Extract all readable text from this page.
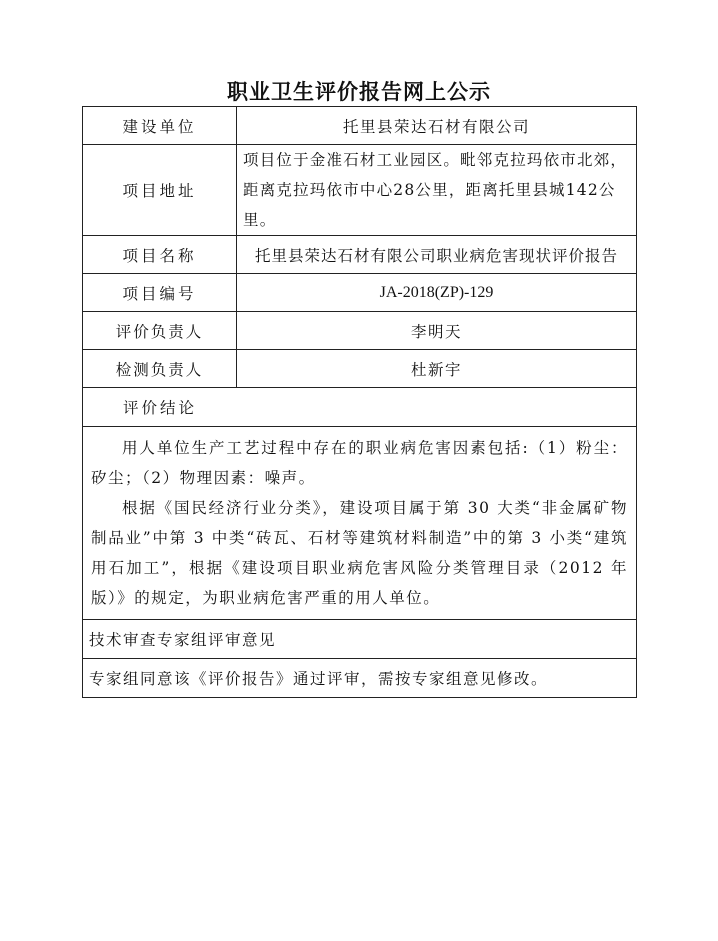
职业卫生评价报告网上公示
建设单位	托里县荣达石材有限公司
项目地址	项目位于金准石材工业园区。毗邻克拉玛依市北郊，
距离克拉玛依市中心28公里，距离托里县城142公里。

项目名称	托里县荣达石材有限公司职业病危害现状评价报告
项目编号	JA-2018(ZP)-129
评价负责人	李明天
检测负责人	杜新宇
评价结论	

用人单位生产工艺过程中存在的职业病危害因素包括:（1）粉尘：矽尘；（2）物理因素：噪声。

根据《国民经济行业分类》，建设项目属于第 30 大类“非金属矿物制品业”中第 3 中类“砖瓦、石材等建筑材料制造”中的第 3 小类“建筑用石加工”，根据《建设项目职业病危害风险分类管理目录（2012 年版）》的规定，为职业病危害严重的用人单位。	

技术审查专家组评审意见	
专家组同意该《评价报告》通过评审，需按专家组意见修改。	
